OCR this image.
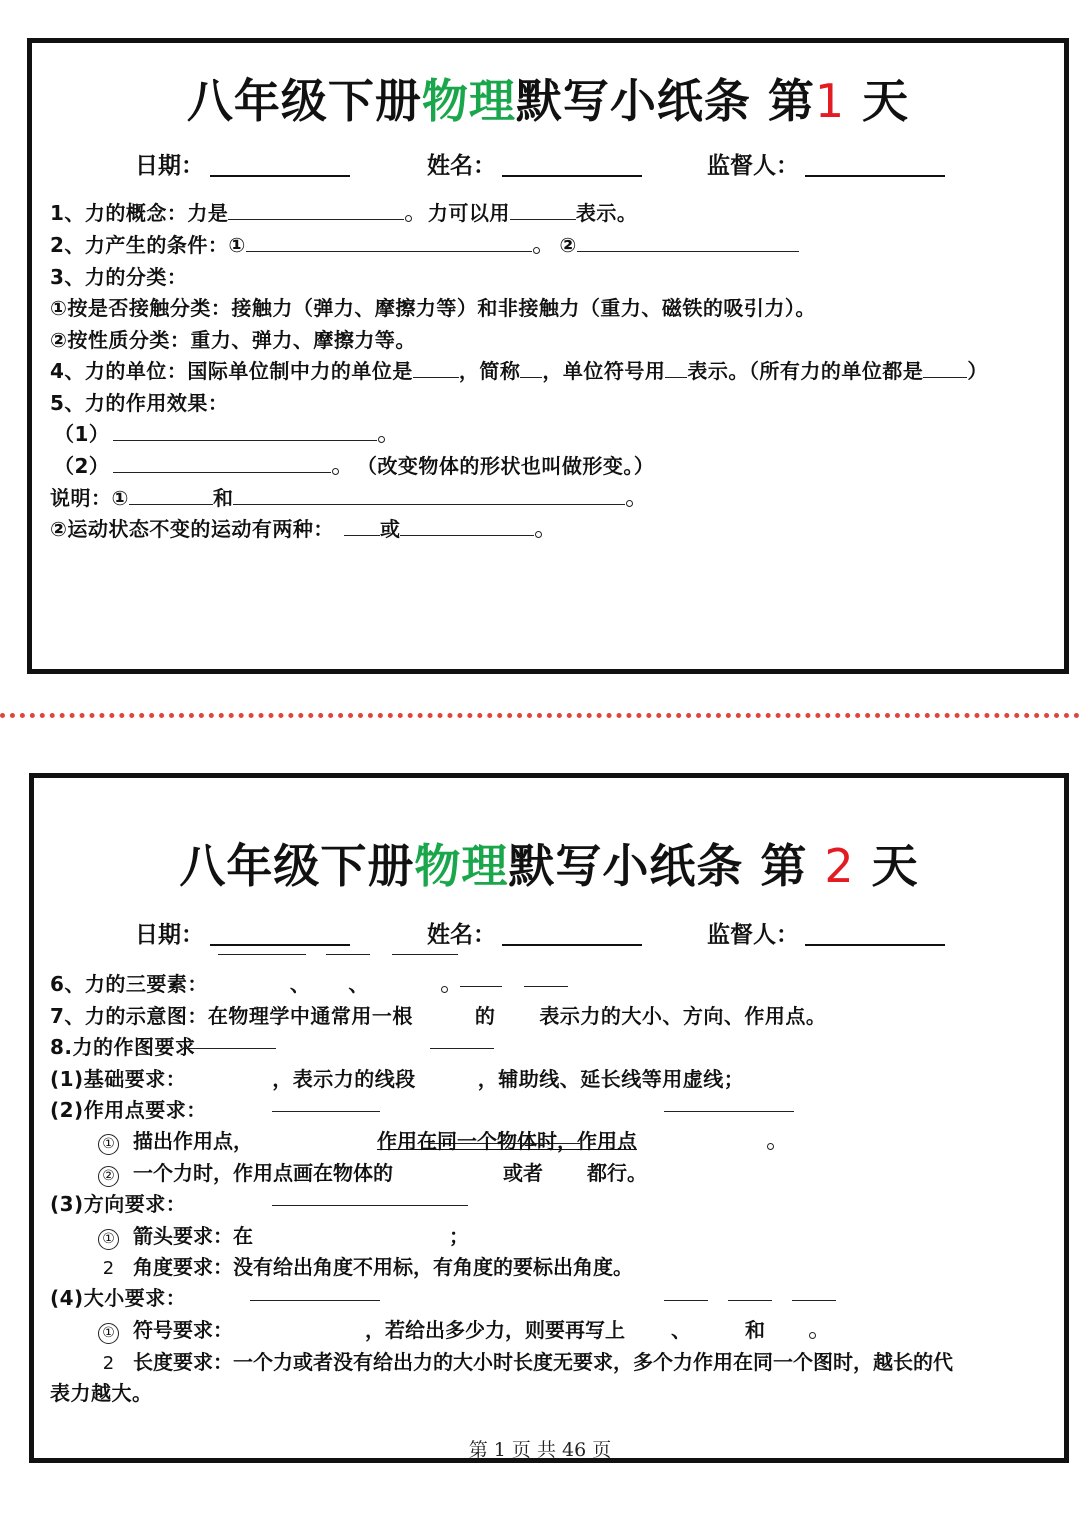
八年级下册物理默写小纸条 第1 天
日期：	姓名：	监督人：
1、力的概念：力是	力可以用	表示。
2、力产生的条件：①	②
3、力的分类：
①按是否接触分类：接触力（弹力、摩擦力等）和非接触力（重力、磁铁的吸引力）。
②按性质分类：重力、弹力、摩擦力等。
4、力的单位：国际单位制中力的单位是 ，简称 ，单位符号用 表示。（所有力的单位都是 ）
5、力的作用效果：
（1）
（2）	（改变物体的形状也叫做形变。）
说明：①	和
②运动状态不变的运动有两种： 或
八年级下册物理默写小纸条 第 2 天
日期：	姓名：	监督人：
6、力的三要素：	、 、
7、力的示意图：在物理学中通常用一根	的 表示力的大小、方向、作用点。
8.力的作图要求
(1)基础要求：	，表示力的线段	，辅助线、延长线等用虚线；
(2)作用点要求：
① 描出作用点，	作用在同一个物体时，作用点
② 一个力时，作用点画在物体的	或者 都行。
(3)方向要求：
① 箭头要求：在	；
2 角度要求：没有给出角度不用标，有角度的要标出角度。
(4)大小要求：
① 符号要求：	，若给出多少力，则要再写上 、	和
2 长度要求：一个力或者没有给出力的大小时长度无要求，多个力作用在同一个图时，越长的代
表力越大。
第 1 页 共 46 页
